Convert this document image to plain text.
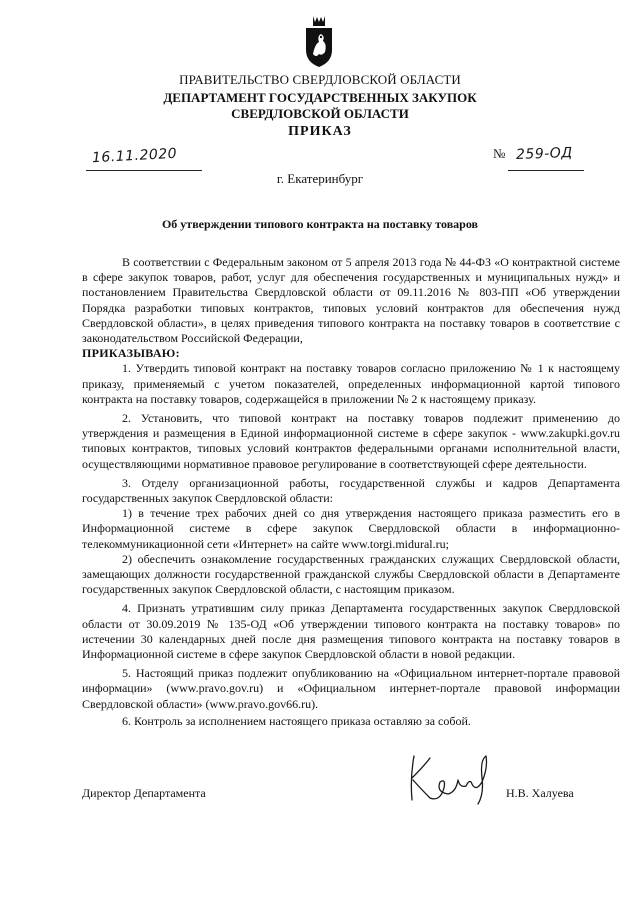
ПРАВИТЕЛЬСТВО СВЕРДЛОВСКОЙ ОБЛАСТИ
ДЕПАРТАМЕНТ ГОСУДАРСТВЕННЫХ ЗАКУПОК
СВЕРДЛОВСКОЙ ОБЛАСТИ
ПРИКАЗ
16.11.2020	№ 259-ОД
г. Екатеринбург
Об утверждении типового контракта на поставку товаров

В соответствии с Федеральным законом от 5 апреля 2013 года № 44-ФЗ «О контрактной системе в сфере закупок товаров, работ, услуг для обеспечения государственных и муниципальных нужд» и постановлением Правительства Свердловской области от 09.11.2016 № 803-ПП «Об утверждении Порядка разработки типовых контрактов, типовых условий контрактов для обеспечения нужд Свердловской области», в целях приведения типового контракта на поставку товаров в соответствие с законодательством Российской Федерации,

ПРИКАЗЫВАЮ:

1. Утвердить типовой контракт на поставку товаров согласно приложению № 1 к настоящему приказу, применяемый с учетом показателей, определенных информационной картой типового контракта на поставку товаров, содержащейся в приложении № 2 к настоящему приказу.

2. Установить, что типовой контракт на поставку товаров подлежит применению до утверждения и размещения в Единой информационной системе в сфере закупок - www.zakupki.gov.ru типовых контрактов, типовых условий контрактов федеральными органами исполнительной власти, осуществляющими нормативное правовое регулирование в соответствующей сфере деятельности.

3. Отделу организационной работы, государственной службы и кадров Департамента государственных закупок Свердловской области:

1) в течение трех рабочих дней со дня утверждения настоящего приказа разместить его в Информационной системе в сфере закупок Свердловской области в информационно-телекоммуникационной сети «Интернет» на сайте www.torgi.midural.ru;

2) обеспечить ознакомление государственных гражданских служащих Свердловской области, замещающих должности государственной гражданской службы Свердловской области в Департаменте государственных закупок Свердловской области, с настоящим приказом.

4. Признать утратившим силу приказ Департамента государственных закупок Свердловской области от 30.09.2019 № 135-ОД «Об утверждении типового контракта на поставку товаров» по истечении 30 календарных дней после дня размещения типового контракта на поставку товаров в Информационной системе в сфере закупок Свердловской области в новой редакции.

5. Настоящий приказ подлежит опубликованию на «Официальном интернет-портале правовой информации» (www.pravo.gov.ru) и «Официальном интернет-портале правовой информации Свердловской области» (www.pravo.gov66.ru).

6. Контроль за исполнением настоящего приказа оставляю за собой.

Директор Департамента	Н.В. Халуева
